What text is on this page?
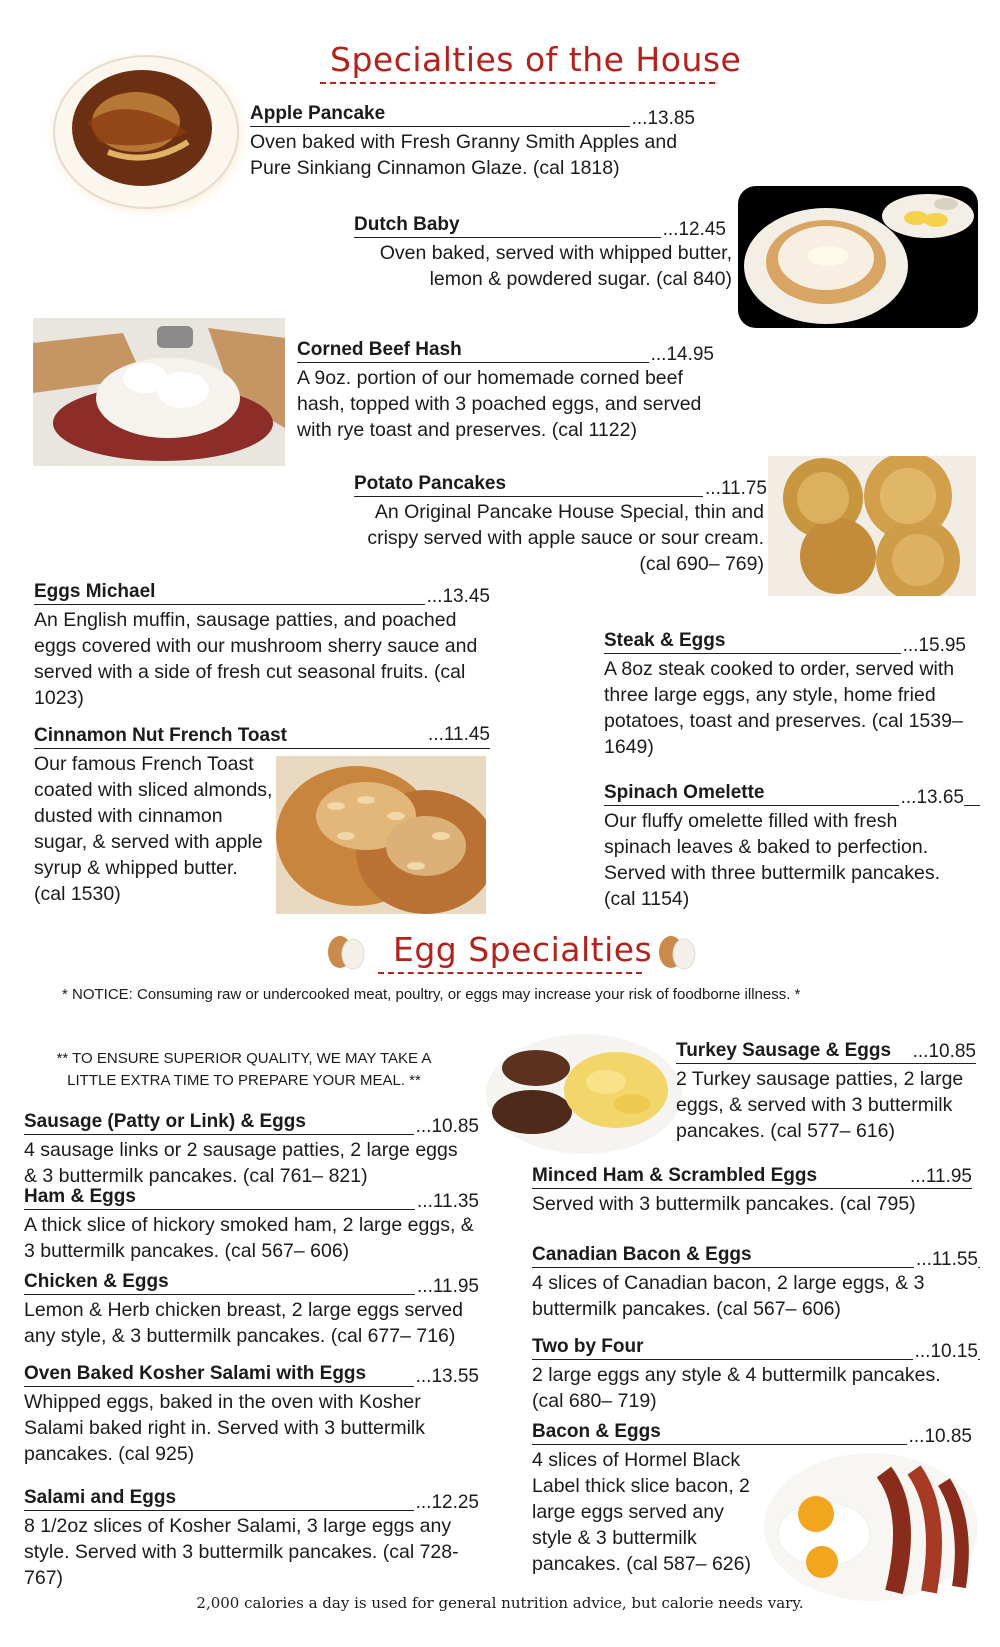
Specialties of the House
Apple Pancake	...13.85
Oven baked with Fresh Granny Smith Apples and Pure Sinkiang Cinnamon Glaze. (cal 1818)
Dutch Baby	...12.45
Oven baked, served with whipped butter, lemon & powdered sugar. (cal 840)
Corned Beef Hash	...14.95
A 9oz. portion of our homemade corned beef hash, topped with 3 poached eggs, and served with rye toast and preserves. (cal 1122)
Potato Pancakes	...11.75
An Original Pancake House Special, thin and crispy served with apple sauce or sour cream. (cal 690– 769)
Eggs Michael	...13.45
An English muffin, sausage patties, and poached eggs covered with our mushroom sherry sauce and served with a side of fresh cut seasonal fruits. (cal 1023)
Cinnamon Nut French Toast	...11.45
Our famous French Toast coated with sliced almonds, dusted with cinnamon sugar, & served with apple syrup & whipped butter. (cal 1530)
Steak & Eggs	...15.95
A 8oz steak cooked to order, served with three large eggs, any style, home fried potatoes, toast and preserves. (cal 1539– 1649)
Spinach Omelette	...13.65
Our fluffy omelette filled with fresh spinach leaves & baked to perfection. Served with three buttermilk pancakes. (cal 1154)
Egg Specialties
* NOTICE: Consuming raw or undercooked meat, poultry, or eggs may increase your risk of foodborne illness. *
** TO ENSURE SUPERIOR QUALITY, WE MAY TAKE A LITTLE EXTRA TIME TO PREPARE YOUR MEAL. **
Sausage (Patty or Link) & Eggs	...10.85
4 sausage links or 2 sausage patties, 2 large eggs & 3 buttermilk pancakes. (cal 761– 821)
Ham & Eggs	...11.35
A thick slice of hickory smoked ham, 2 large eggs, & 3 buttermilk pancakes. (cal 567– 606)
Chicken & Eggs	...11.95
Lemon & Herb chicken breast, 2 large eggs served any style, & 3 buttermilk pancakes. (cal 677– 716)
Oven Baked Kosher Salami with Eggs	...13.55
Whipped eggs, baked in the oven with Kosher Salami baked right in. Served with 3 buttermilk pancakes. (cal 925)
Salami and Eggs	...12.25
8 1/2oz slices of Kosher Salami, 3 large eggs any style. Served with 3 buttermilk pancakes. (cal 728-767)
Turkey Sausage & Eggs ...10.85
2 Turkey sausage patties, 2 large eggs, & served with 3 buttermilk pancakes. (cal 577– 616)
Minced Ham & Scrambled Eggs	...11.95
Served with 3 buttermilk pancakes. (cal 795)
Canadian Bacon & Eggs	...11.55
4 slices of Canadian bacon, 2 large eggs, & 3 buttermilk pancakes. (cal 567– 606)
Two by Four	...10.15
2 large eggs any style & 4 buttermilk pancakes. (cal 680– 719)
Bacon & Eggs	...10.85
4 slices of Hormel Black Label thick slice bacon, 2 large eggs served any style & 3 buttermilk pancakes. (cal 587– 626)
2,000 calories a day is used for general nutrition advice, but calorie needs vary.
